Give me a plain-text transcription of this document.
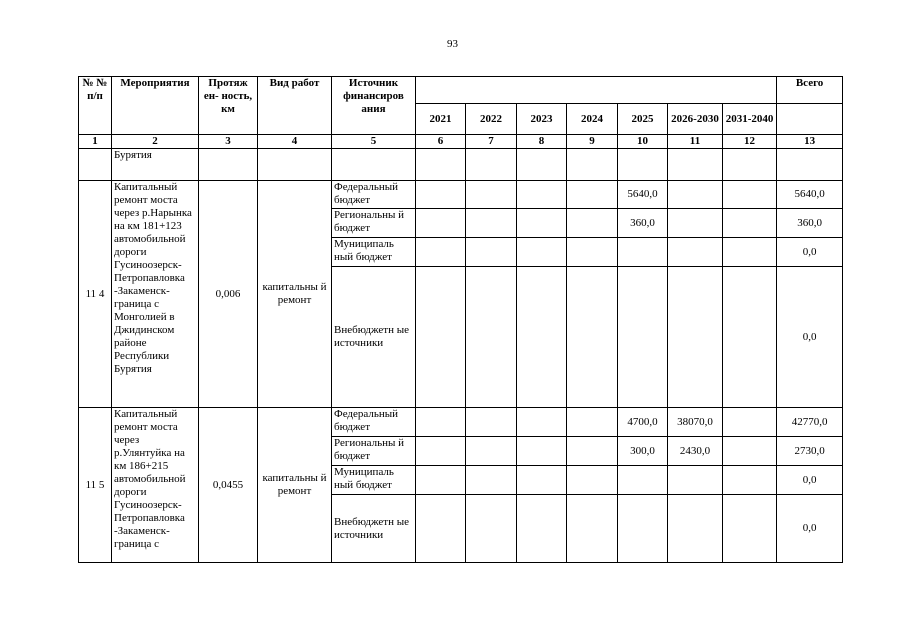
93
№ № п/п	Мероприятия	Протяж ен- ность, км	Вид работ	Источник финансиров ания								Всего
					2021	2022	2023	2024	2025	2026-2030	2031-2040	
1	2	3	4	5	6	7	8	9	10	11	12	13
	Бурятия											
11 4	Капитальный ремонт моста через р.Нарынка на км 181+123 автомобильной дороги Гусиноозерск- Петропавловка -Закаменск- граница с Монголией в Джидинском районе Республики Бурятия	0,006	капитальны й ремонт	Федеральный бюджет					5640,0			5640,0
				Региональны й бюджет					360,0			360,0
				Муниципаль ный бюджет								0,0
				Внебюджетн ые источники								0,0
11 5	Капитальный ремонт моста через р.Улянтуйка на км 186+215 автомобильной дороги Гусиноозерск- Петропавловка -Закаменск- граница с	0,0455	капитальны й ремонт	Федеральный бюджет					4700,0	38070,0		42770,0
				Региональны й бюджет					300,0	2430,0		2730,0
				Муниципаль ный бюджет								0,0
				Внебюджетн ые источники								0,0
